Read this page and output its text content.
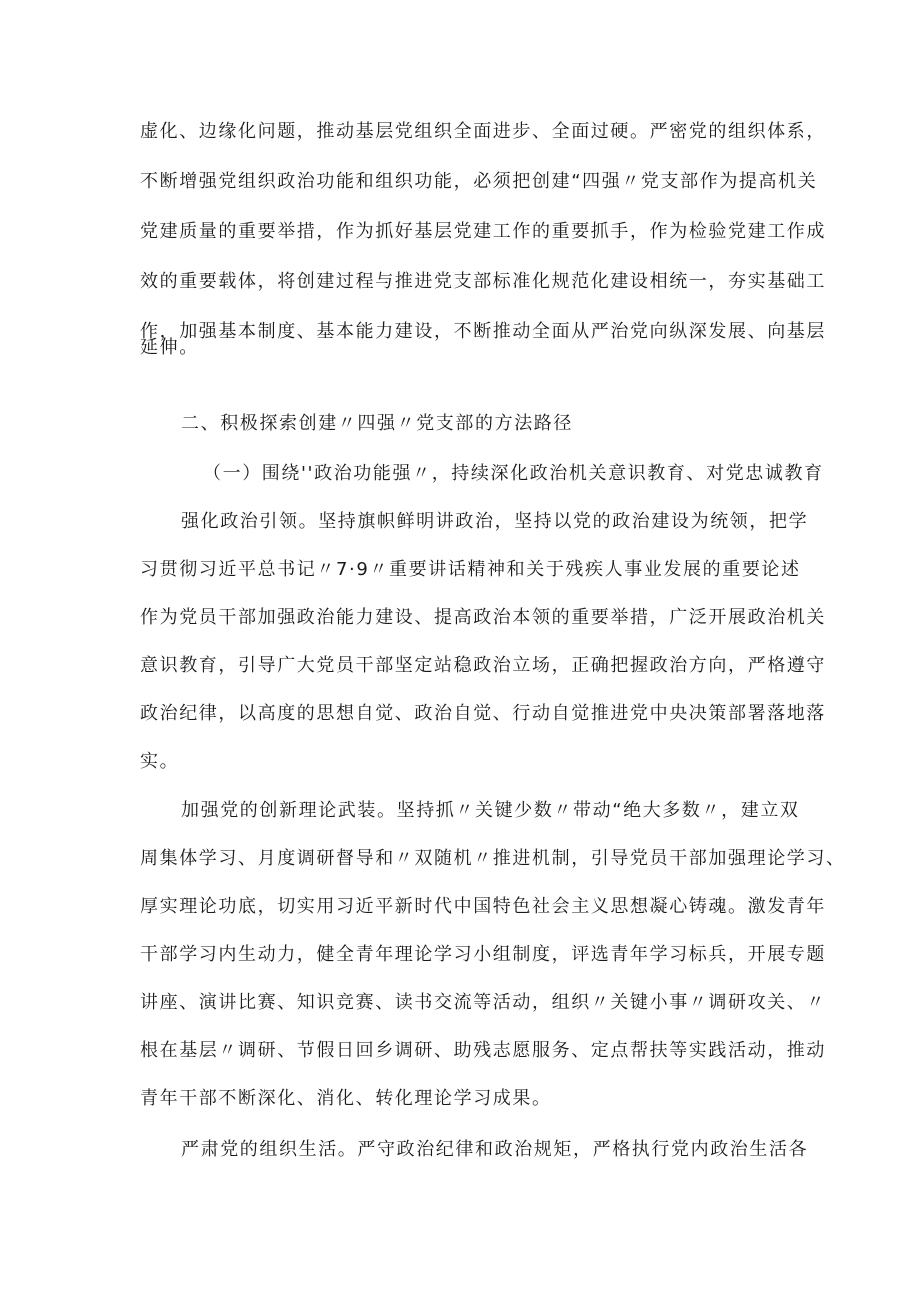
虚化、边缘化问题，推动基层党组织全面进步、全面过硬。严密党的组织体系，
不断增强党组织政治功能和组织功能，必须把创建“四强〃党支部作为提高机关
党建质量的重要举措，作为抓好基层党建工作的重要抓手，作为检验党建工作成
效的重要载体，将创建过程与推进党支部标准化规范化建设相统一，夯实基础工
作，加强基本制度、基本能力建设，不断推动全面从严治党向纵深发展、向基层
延伸。
二、积极探索创建〃四强〃党支部的方法路径
（一）围绕''政治功能强〃，持续深化政治机关意识教育、对党忠诚教育
强化政治引领。坚持旗帜鲜明讲政治，坚持以党的政治建设为统领，把学
习贯彻习近平总书记〃7·9〃重要讲话精神和关于残疾人事业发展的重要论述
作为党员干部加强政治能力建设、提高政治本领的重要举措，广泛开展政治机关
意识教育，引导广大党员干部坚定站稳政治立场，正确把握政治方向，严格遵守
政治纪律，以高度的思想自觉、政治自觉、行动自觉推进党中央决策部署落地落
实。
加强党的创新理论武装。坚持抓〃关键少数〃带动“绝大多数〃，建立双
周集体学习、月度调研督导和〃双随机〃推进机制，引导党员干部加强理论学习、
厚实理论功底，切实用习近平新时代中国特色社会主义思想凝心铸魂。激发青年
干部学习内生动力，健全青年理论学习小组制度，评选青年学习标兵，开展专题
讲座、演讲比赛、知识竞赛、读书交流等活动，组织〃关键小事〃调研攻关、〃
根在基层〃调研、节假日回乡调研、助残志愿服务、定点帮扶等实践活动，推动
青年干部不断深化、消化、转化理论学习成果。
严肃党的组织生活。严守政治纪律和政治规矩，严格执行党内政治生活各
